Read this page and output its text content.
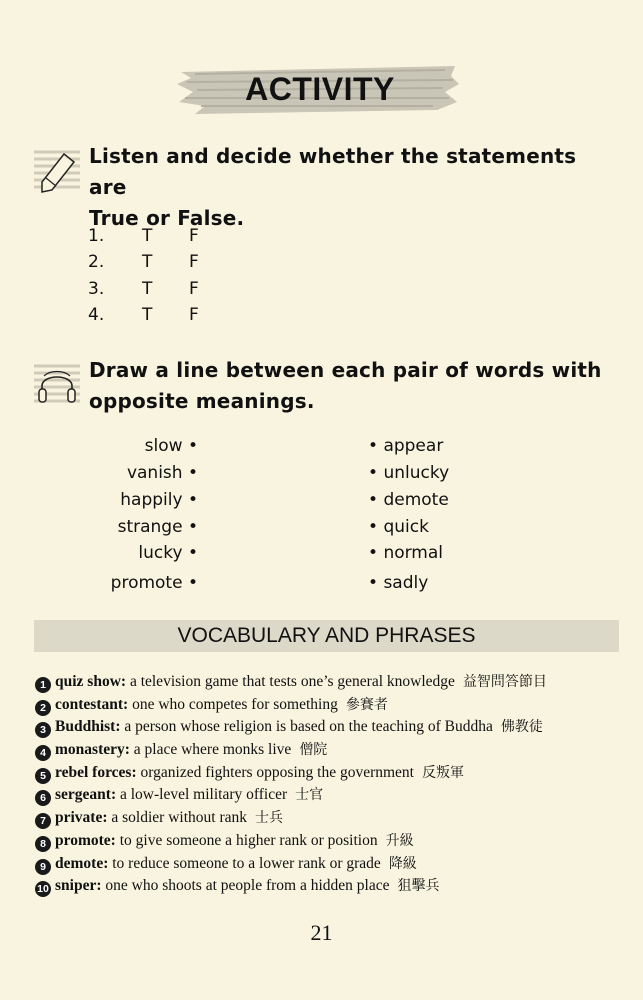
ACTIVITY
Listen and decide whether the statements are
True or False.
1. T F
2. T F
3. T F
4. T F
Draw a line between each pair of words with
opposite meanings.
slow •
vanish •
happily •
strange •
lucky •
promote •
• appear
• unlucky
• demote
• quick
• normal
• sadly
VOCABULARY AND PHRASES
1 quiz show: a television game that tests one’s general knowledge 益智問答節目
2 contestant: one who competes for something 參賽者
3 Buddhist: a person whose religion is based on the teaching of Buddha 佛教徒
4 monastery: a place where monks live 僧院
5 rebel forces: organized fighters opposing the government 反叛軍
6 sergeant: a low-level military officer 士官
7 private: a soldier without rank 士兵
8 promote: to give someone a higher rank or position 升級
9 demote: to reduce someone to a lower rank or grade 降級
10 sniper: one who shoots at people from a hidden place 狙擊兵
21
